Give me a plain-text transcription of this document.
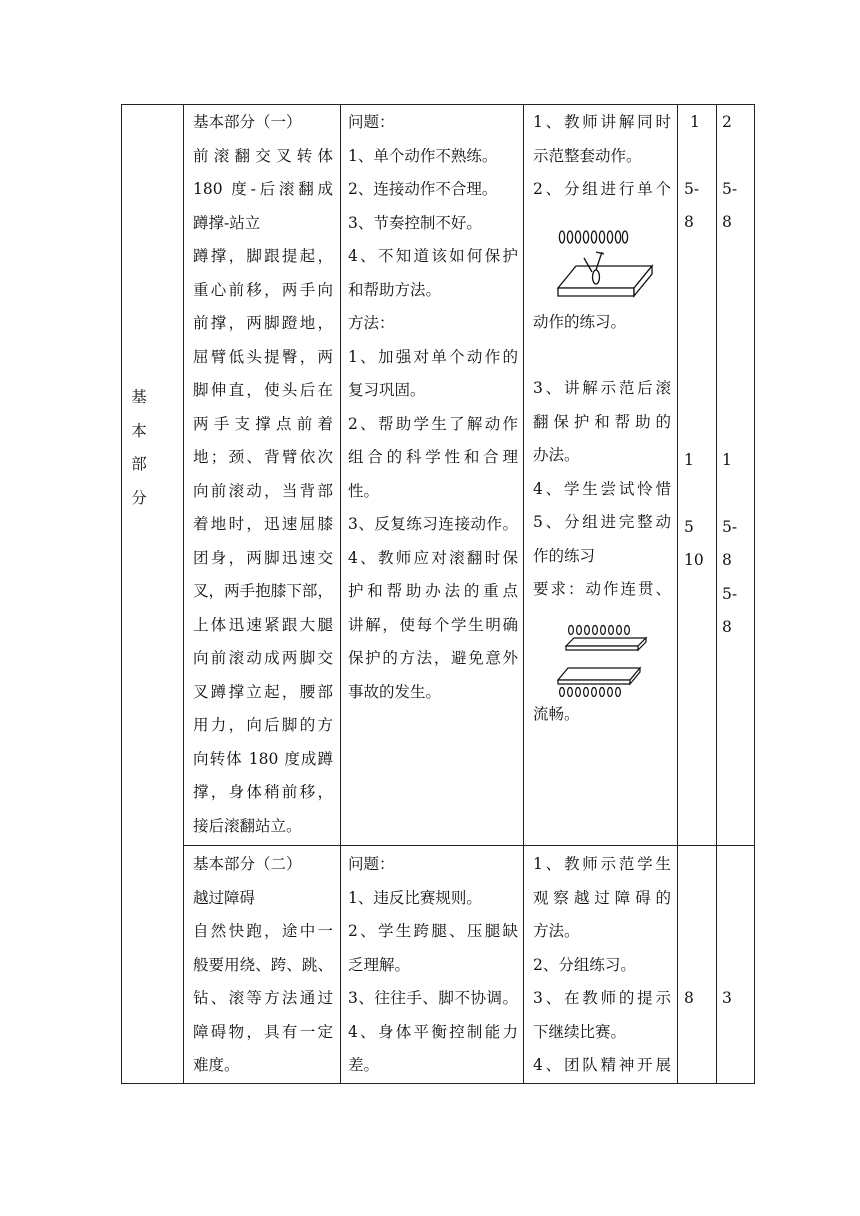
基
本
部
分
基本部分（一）
前滚翻交叉转体
180 度-后滚翻成
蹲撑-站立
蹲撑，脚跟提起，
重心前移，两手向
前撑，两脚蹬地，
屈臂低头提臀，两
脚伸直，使头后在
两手支撑点前着
地；颈、背臂依次
向前滚动，当背部
着地时，迅速屈膝
团身，两脚迅速交
叉，两手抱膝下部，
上体迅速紧跟大腿
向前滚动成两脚交
叉蹲撑立起，腰部
用力，向后脚的方
向转体 180 度成蹲
撑，身体稍前移，
接后滚翻站立。
问题：
1、单个动作不熟练。
2、连接动作不合理。
3、节奏控制不好。
4、不知道该如何保护
和帮助方法。
方法：
1、加强对单个动作的
复习巩固。
2、帮助学生了解动作
组合的科学性和合理
性。
3、反复练习连接动作。
4、教师应对滚翻时保
护和帮助办法的重点
讲解，使每个学生明确
保护的方法，避免意外
事故的发生。
1、教师讲解同时
示范整套动作。
2、分组进行单个
动作的练习。
3、讲解示范后滚
翻保护和帮助的
办法。
4、学生尝试怜惜
5、分组进完整动
作的练习
要求：动作连贯、
流畅。
1
5-
8
1
5
10
2
5-
8
1
5-
8
5-
8
基本部分（二）
越过障碍
自然快跑，途中一
般要用绕、跨、跳、
钻、滚等方法通过
障碍物，具有一定
难度。
问题：
1、违反比赛规则。
2、学生跨腿、压腿缺
乏理解。
3、往往手、脚不协调。
4、身体平衡控制能力
差。
1、教师示范学生
观察越过障碍的
方法。
2、分组练习。
3、在教师的提示
下继续比赛。
4、团队精神开展
8 3
